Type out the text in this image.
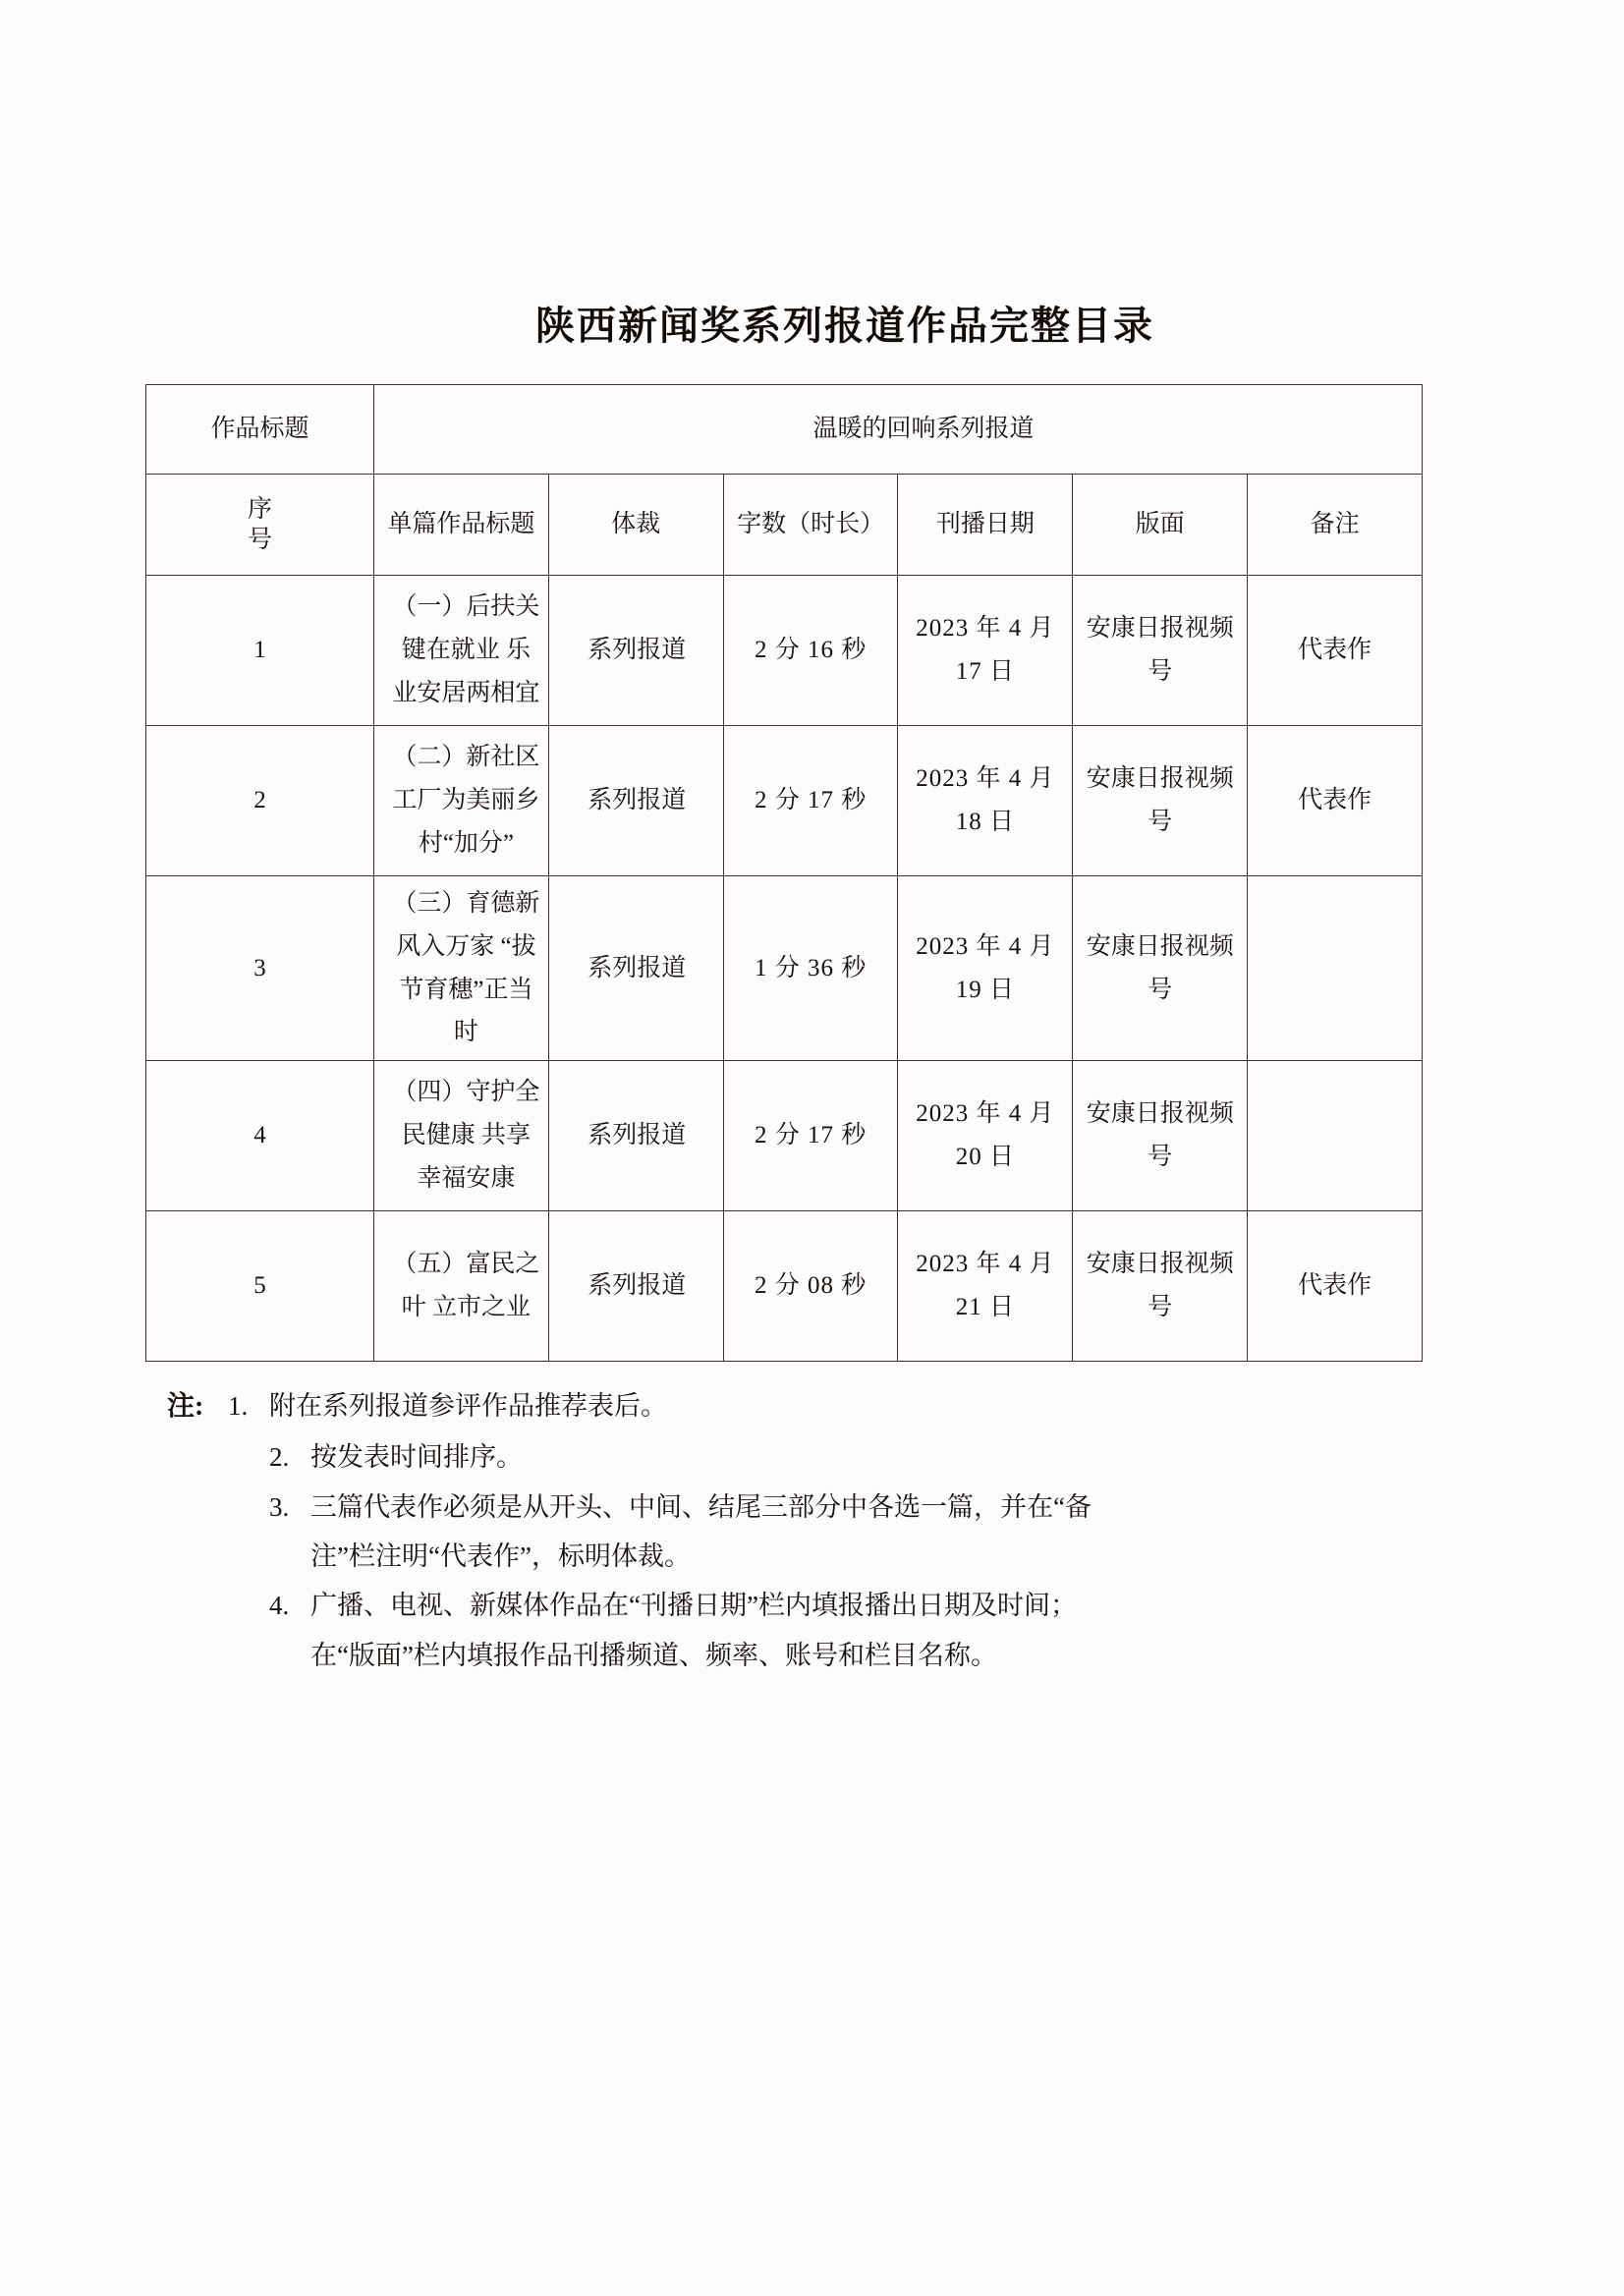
陕西新闻奖系列报道作品完整目录
作品标题	温暖的回响系列报道					

序
号	单篇作品标题	体裁	字数（时长）	刊播日期	版面	备注
1	（一）后扶关键在就业 乐业安居两相宜	系列报道	2 分 16 秒	2023 年 4 月 17 日	安康日报视频号	代表作
2	（二）新社区工厂为美丽乡村“加分”	系列报道	2 分 17 秒	2023 年 4 月 18 日	安康日报视频号	代表作
3	（三）育德新风入万家 “拔节育穗”正当时	系列报道	1 分 36 秒	2023 年 4 月 19 日	安康日报视频号	
4	（四）守护全民健康 共享幸福安康	系列报道	2 分 17 秒	2023 年 4 月 20 日	安康日报视频号	
5	（五）富民之叶 立市之业	系列报道	2 分 08 秒	2023 年 4 月 21 日	安康日报视频号	代表作
注: 1. 附在系列报道参评作品推荐表后。
2. 按发表时间排序。
3. 三篇代表作必须是从开头、中间、结尾三部分中各选一篇，并在“备
注”栏注明“代表作”，标明体裁。
4. 广播、电视、新媒体作品在“刊播日期”栏内填报播出日期及时间；
在“版面”栏内填报作品刊播频道、频率、账号和栏目名称。
